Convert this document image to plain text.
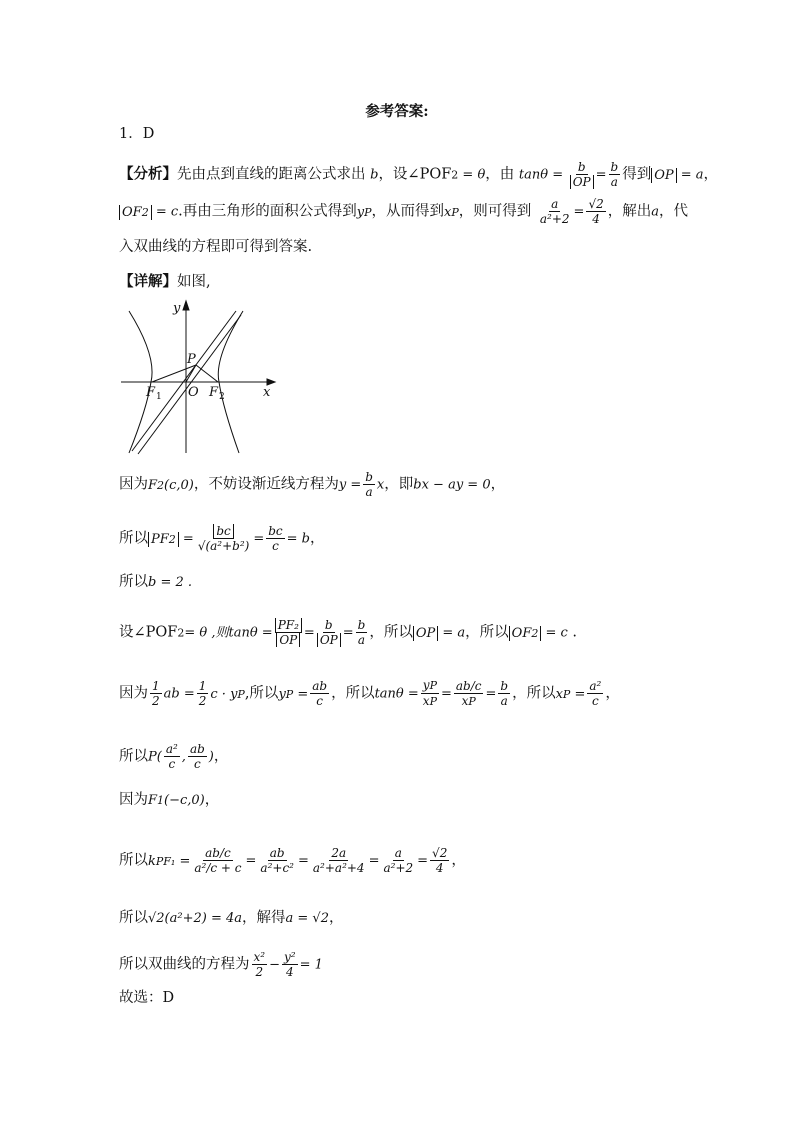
参考答案:
1．D
【分析】先由点到直线的距离公式求出 b，设∠POF2 = θ，由 $\tan\theta = \frac{b}{OP} = \frac{b}{a}$ 得到 OP = a，
OF2 = c.再由三角形的面积公式得到yP，从而得到xP，则可得到 $\frac{a}{\text{a²+2}} = \frac{√2}{4}$ ，解出a，代
入双曲线的方程即可得到答案.
【详解】如图,
y
x
P
O
F 1	F 2
因为F2(c,0)，不妨设渐近线方程为$y = \frac{b}{a}$ x，即bx − ay = 0，
所以 $PF2 = \frac{bc}{\text{√(a²+b²)}} = \frac{bc}{c} = b$，
所以b = 2 .
设∠POF2= θ ,则$\tan\theta = \frac{\text{PF₂}}{OP} = \frac{b}{OP} = \frac{b}{a}$ ，所以 OP = a，所以 OF2 = c .
因为 $\frac{1}{2}$ ab = $\frac{1}{2}$ c · yP,所以yP = $\frac{ab}{c}$ ，所以$\tan\theta = \frac{yP}{xP} = \frac{ab/c}{xP} = \frac{b}{a}$ ，所以xP = $\frac{\text{a²}}{c}$ ，
所以$P( \frac{\text{a²}}{c}$ , $\frac{ab}{c}$ )，
因为F1(−c,0)，
所以$kPF_1 = \frac{ab/c}{\text{a²/c + c}} = \frac{ab}{\text{a²+c²}} = \frac{2a}{\text{a²+a²+4}} = \frac{a}{\text{a²+2}} = \frac{√2}{4}$ ，
所以√2(a²+2) = 4a，解得a = √2，
所以双曲线的方程为 $\frac{\text{x²}}{2} - \frac{\text{y²}}{4} = 1$
故选：D
